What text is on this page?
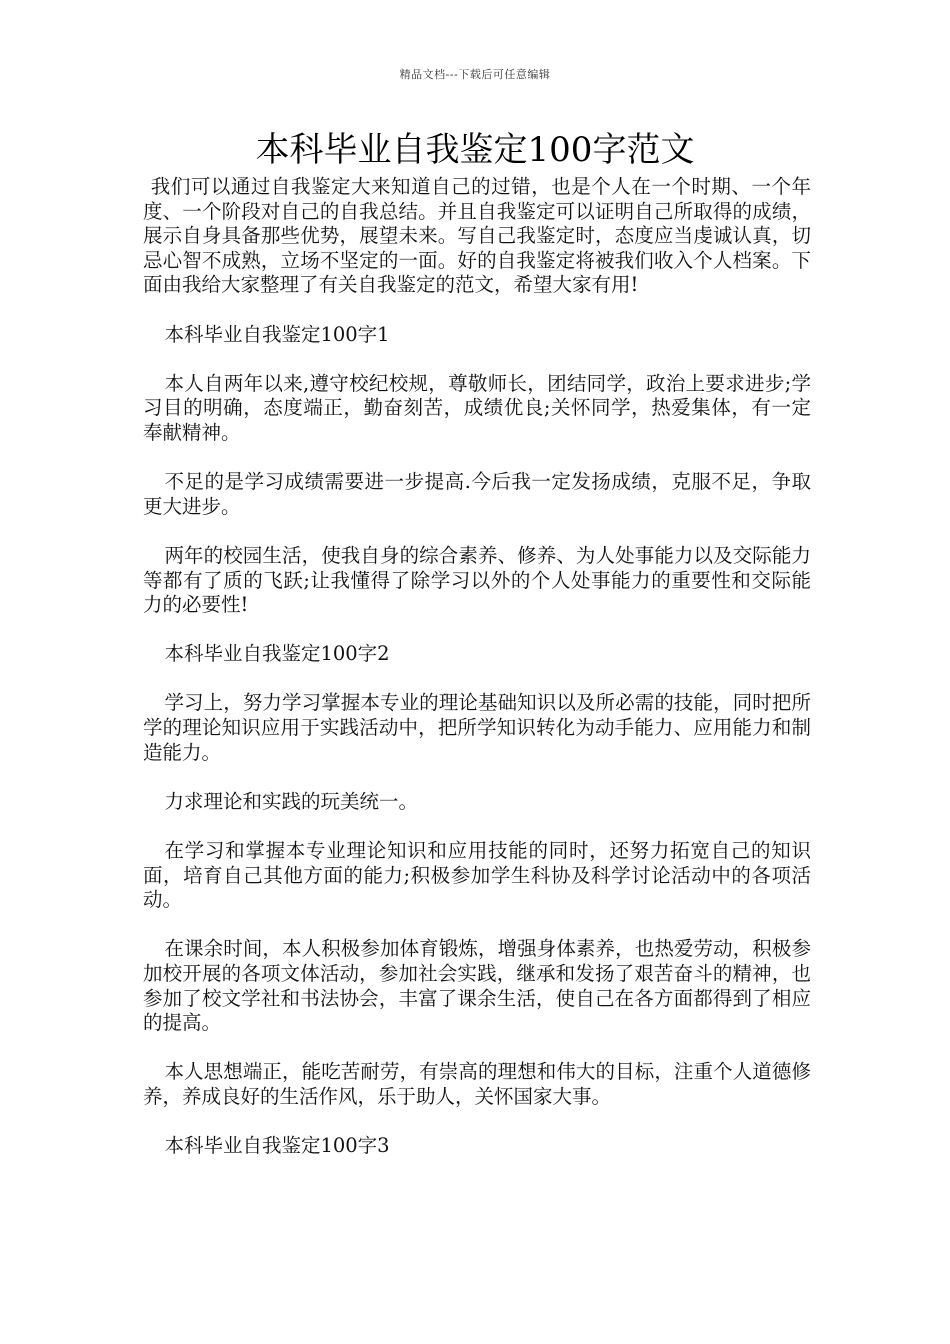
精品文档---下载后可任意编辑
本科毕业自我鉴定100字范文

我们可以通过自我鉴定大来知道自己的过错，也是个人在一个时期、一个年度、一个阶段对自己的自我总结。并且自我鉴定可以证明自己所取得的成绩，展示自身具备那些优势，展望未来。写自己我鉴定时，态度应当虔诚认真，切忌心智不成熟，立场不坚定的一面。好的自我鉴定将被我们收入个人档案。下面由我给大家整理了有关自我鉴定的范文，希望大家有用!

本科毕业自我鉴定100字1

本人自两年以来,遵守校纪校规，尊敬师长，团结同学，政治上要求进步;学习目的明确，态度端正，勤奋刻苦，成绩优良;关怀同学，热爱集体，有一定奉献精神。

不足的是学习成绩需要进一步提高.今后我一定发扬成绩，克服不足，争取更大进步。

两年的校园生活，使我自身的综合素养、修养、为人处事能力以及交际能力等都有了质的飞跃;让我懂得了除学习以外的个人处事能力的重要性和交际能力的必要性!

本科毕业自我鉴定100字2

学习上，努力学习掌握本专业的理论基础知识以及所必需的技能，同时把所学的理论知识应用于实践活动中，把所学知识转化为动手能力、应用能力和制造能力。

力求理论和实践的玩美统一。

在学习和掌握本专业理论知识和应用技能的同时，还努力拓宽自己的知识面，培育自己其他方面的能力;积极参加学生科协及科学讨论活动中的各项活动。

在课余时间，本人积极参加体育锻炼，增强身体素养，也热爱劳动，积极参加校开展的各项文体活动，参加社会实践，继承和发扬了艰苦奋斗的精神，也参加了校文学社和书法协会，丰富了课余生活，使自己在各方面都得到了相应的提高。

本人思想端正，能吃苦耐劳，有崇高的理想和伟大的目标，注重个人道德修养，养成良好的生活作风，乐于助人，关怀国家大事。

本科毕业自我鉴定100字3
